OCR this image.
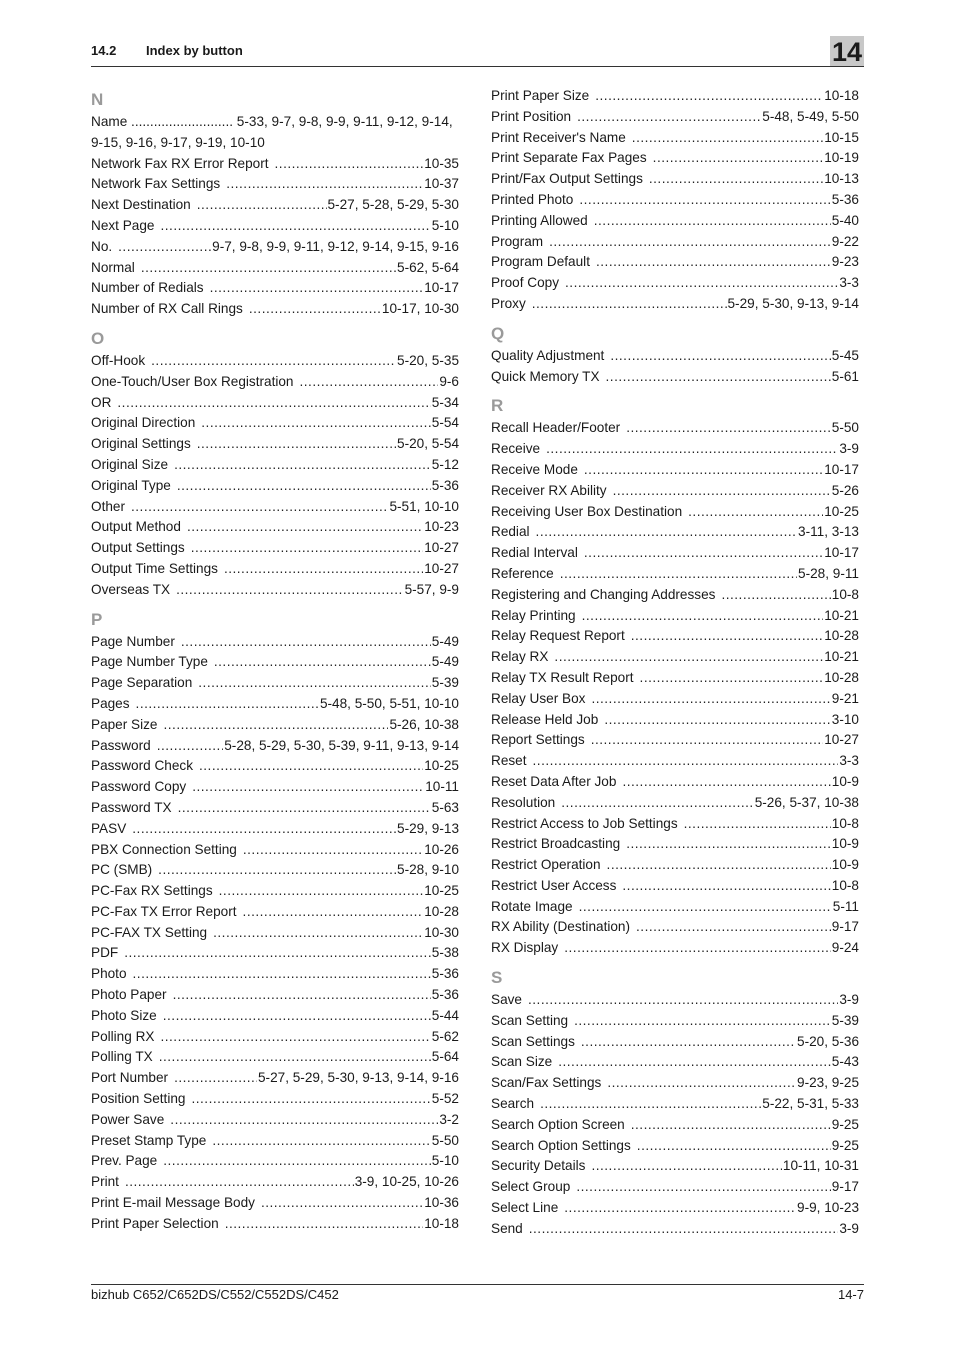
14.2 Index by button	14
N
Name ........................... 5-33, 9-7, 9-8, 9-9, 9-11, 9-12, 9-14, 9-15, 9-16, 9-17, 9-19, 10-10
Network Fax RX Error Report .....	10-35
Network Fax Settings .....	10-37
Next Destination .....	5-27, 5-28, 5-29, 5-30
Next Page .....	5-10
No. .....	9-7, 9-8, 9-9, 9-11, 9-12, 9-14, 9-15, 9-16
Normal .....	5-62, 5-64
Number of Redials .....	10-17
Number of RX Call Rings .....	10-17, 10-30
O
Off-Hook .....	5-20, 5-35
One-Touch/User Box Registration .....	9-6
OR .....	5-34
Original Direction .....	5-54
Original Settings .....	5-20, 5-54
Original Size .....	5-12
Original Type .....	5-36
Other .....	5-51, 10-10
Output Method .....	10-23
Output Settings .....	10-27
Output Time Settings .....	10-27
Overseas TX .....	5-57, 9-9
P
Page Number .....	5-49
Page Number Type .....	5-49
Page Separation .....	5-39
Pages .....	5-48, 5-50, 5-51, 10-10
Paper Size .....	5-26, 10-38
Password .....	5-28, 5-29, 5-30, 5-39, 9-11, 9-13, 9-14
Password Check .....	10-25
Password Copy .....	10-11
Password TX .....	5-63
PASV .....	5-29, 9-13
PBX Connection Setting .....	10-26
PC (SMB) .....	5-28, 9-10
PC-Fax RX Settings .....	10-25
PC-Fax TX Error Report .....	10-28
PC-FAX TX Setting .....	10-30
PDF .....	5-38
Photo .....	5-36
Photo Paper .....	5-36
Photo Size .....	5-44
Polling RX .....	5-62
Polling TX .....	5-64
Port Number .....	5-27, 5-29, 5-30, 9-13, 9-14, 9-16
Position Setting .....	5-52
Power Save .....	3-2
Preset Stamp Type .....	5-50
Prev. Page .....	5-10
Print .....	3-9, 10-25, 10-26
Print E-mail Message Body .....	10-36
Print Paper Selection .....	10-18
Print Paper Size .....	10-18
Print Position .....	5-48, 5-49, 5-50
Print Receiver's Name .....	10-15
Print Separate Fax Pages .....	10-19
Print/Fax Output Settings .....	10-13
Printed Photo .....	5-36
Printing Allowed .....	5-40
Program .....	9-22
Program Default .....	9-23
Proof Copy .....	3-3
Proxy .....	5-29, 5-30, 9-13, 9-14
Q
Quality Adjustment .....	5-45
Quick Memory TX .....	5-61
R
Recall Header/Footer .....	5-50
Receive .....	3-9
Receive Mode .....	10-17
Receiver RX Ability .....	5-26
Receiving User Box Destination .....	10-25
Redial .....	3-11, 3-13
Redial Interval .....	10-17
Reference .....	5-28, 9-11
Registering and Changing Addresses .....	10-8
Relay Printing .....	10-21
Relay Request Report .....	10-28
Relay RX .....	10-21
Relay TX Result Report .....	10-28
Relay User Box .....	9-21
Release Held Job .....	3-10
Report Settings .....	10-27
Reset .....	3-3
Reset Data After Job .....	10-9
Resolution .....	5-26, 5-37, 10-38
Restrict Access to Job Settings .....	10-8
Restrict Broadcasting .....	10-9
Restrict Operation .....	10-9
Restrict User Access .....	10-8
Rotate Image .....	5-11
RX Ability (Destination) .....	9-17
RX Display .....	9-24
S
Save .....	3-9
Scan Setting .....	5-39
Scan Settings .....	5-20, 5-36
Scan Size .....	5-43
Scan/Fax Settings .....	9-23, 9-25
Search .....	5-22, 5-31, 5-33
Search Option Screen .....	9-25
Search Option Settings .....	9-25
Security Details .....	10-11, 10-31
Select Group .....	9-17
Select Line .....	9-9, 10-23
Send .....	3-9
bizhub C652/C652DS/C552/C552DS/C452	14-7
